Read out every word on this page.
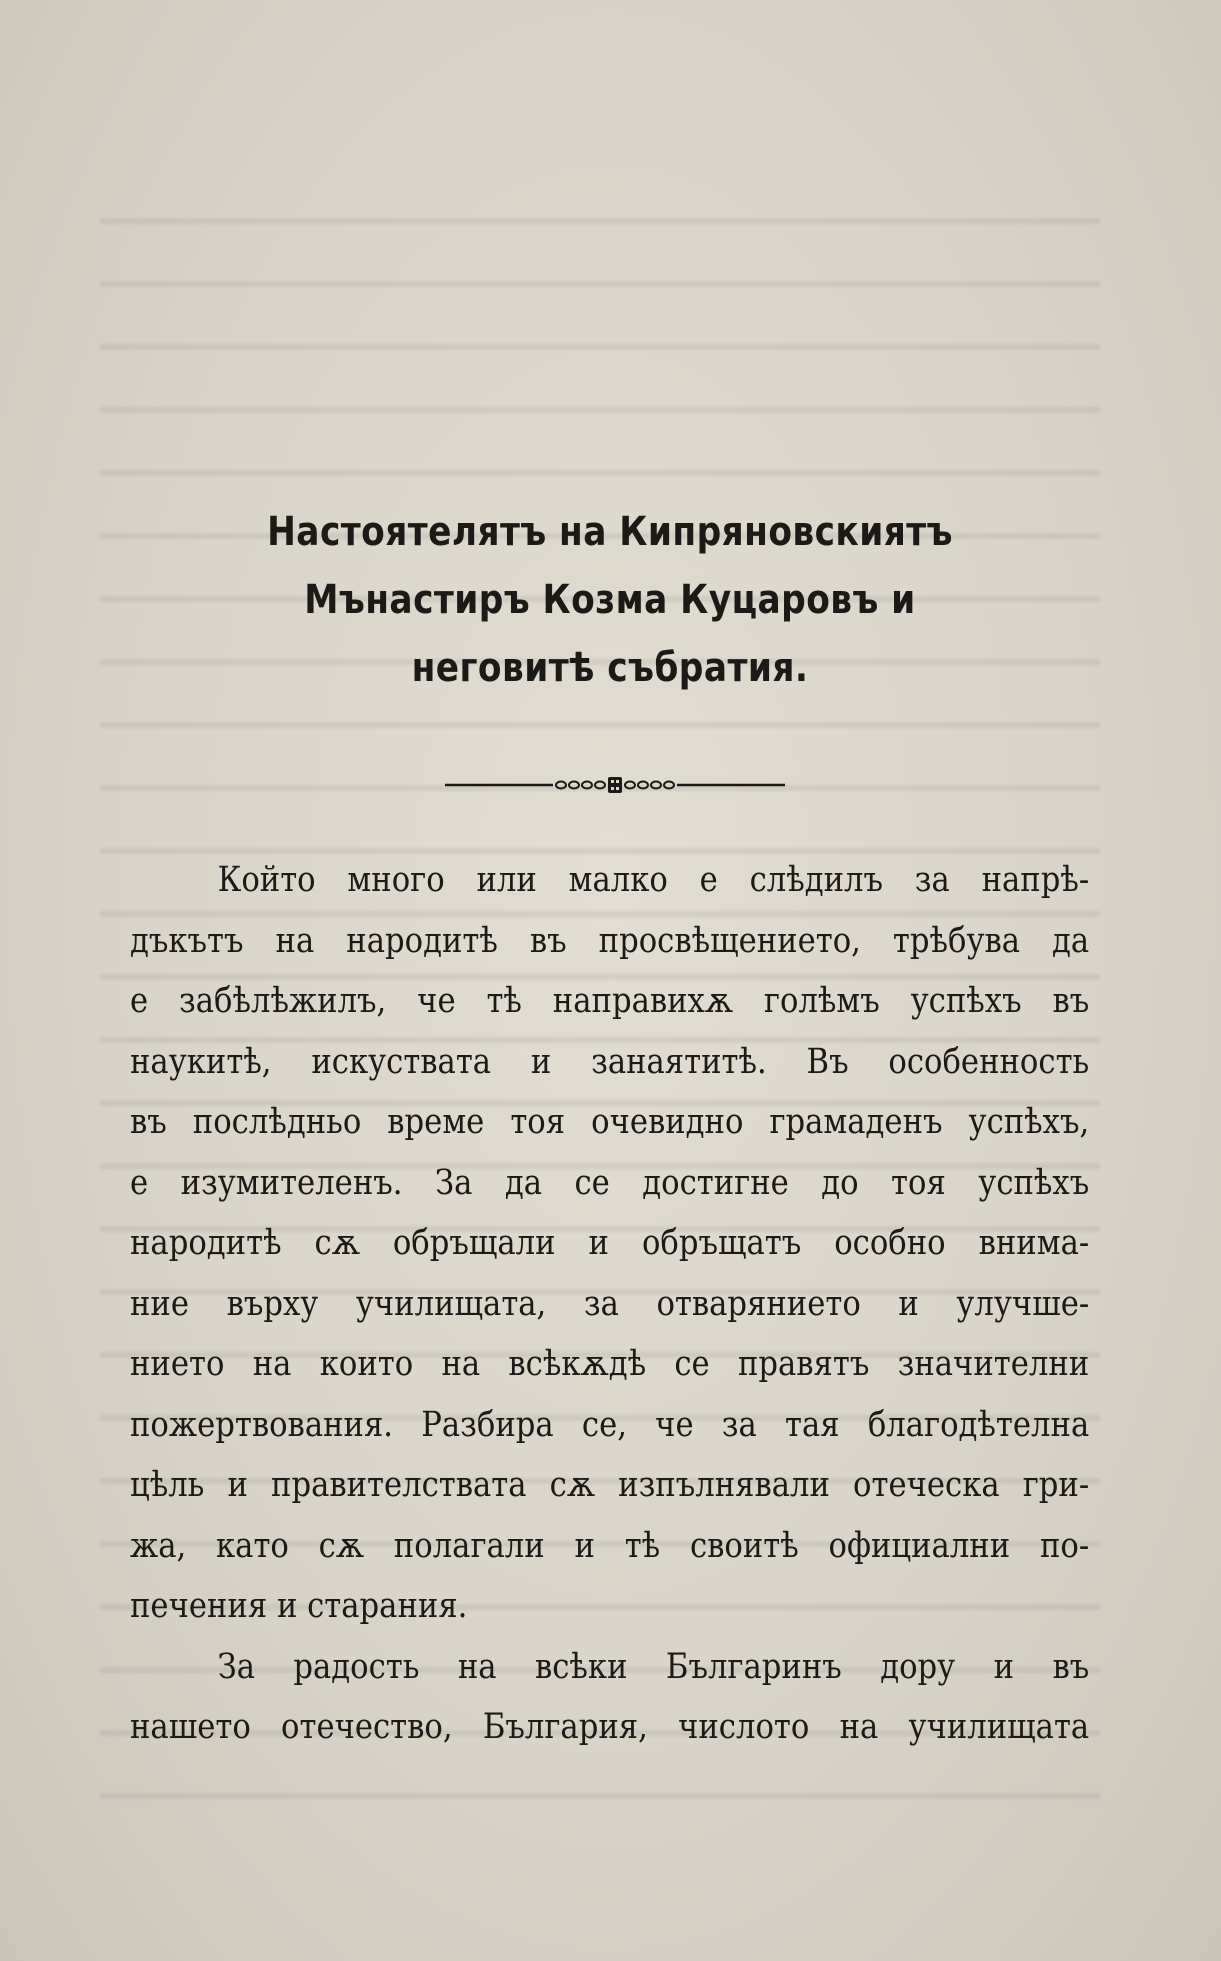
Настоятелятъ на Кипряновскиятъ
Мънастиръ Козма Куцаровъ и
неговитѣ събратия.
Който много или малко е слѣдилъ за напрѣ-
дъкътъ на народитѣ въ просвѣщението, трѣбува да
е забѣлѣжилъ, че тѣ направихѫ голѣмъ успѣхъ въ
наукитѣ, искуствата и занаятитѣ. Въ особенность
въ послѣдньо време тоя очевидно грамаденъ успѣхъ,
е изумителенъ. За да се достигне до тоя успѣхъ
народитѣ сѫ обръщали и обръщатъ особно внима-
ние върху училищата, за отварянието и улучше-
нието на които на всѣкѫдѣ се правятъ значителни
пожертвования. Разбира се, че за тая благодѣтелна
цѣль и правителствата сѫ изпълнявали отеческа гри-
жа, като сѫ полагали и тѣ своитѣ официални по-
печения и старания.
За радость на всѣки Българинъ дору и въ
нашето отечество, България, числото на училищата
